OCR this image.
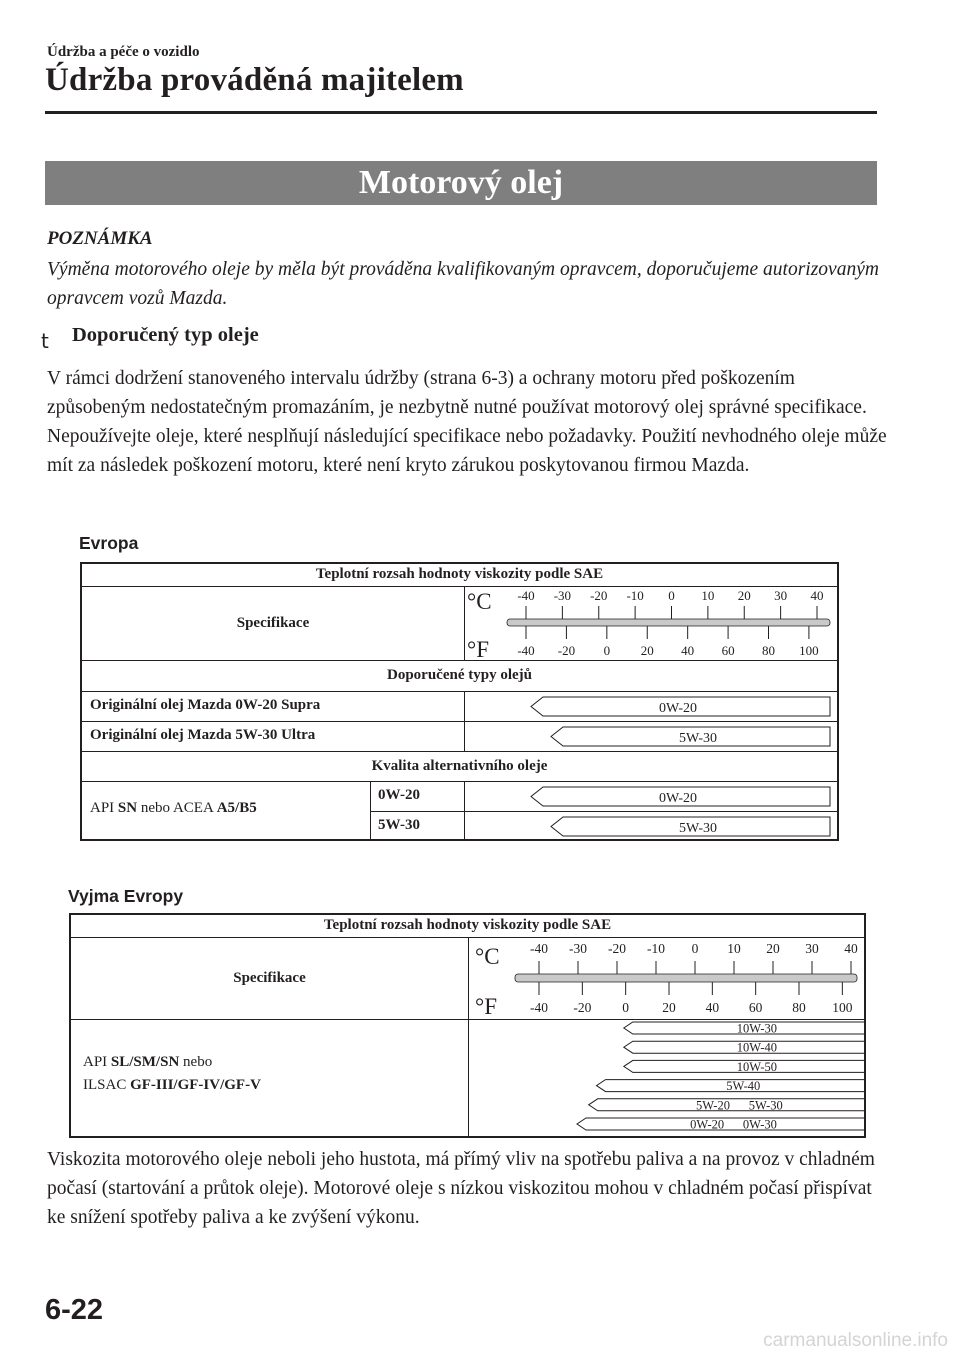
Údržba a péče o vozidlo
Údržba prováděná majitelem
Motorový olej
POZNÁMKA
Výměna motorového oleje by měla být prováděna kvalifikovaným opravcem, doporučujeme autorizovaným opravcem vozů Mazda.
t Doporučený typ oleje
V rámci dodržení stanoveného intervalu údržby (strana 6-3) a ochrany motoru před poškozením způsobeným nedostatečným promazáním, je nezbytně nutné používat motorový olej správné specifikace. Nepoužívejte oleje, které nesplňují následující specifikace nebo požadavky. Použití nevhodného oleje může mít za následek poškození motoru, které není kryto zárukou poskytovanou firmou Mazda.
Evropa
Teplotní rozsah hodnoty viskozity podle SAE
Specifikace
-40 -30 -20 -10 0 10 20 30 40
-40 -20 0 20 40 60 80 100
°C
°F
Doporučené typy olejů
Originální olej Mazda 0W-20 Supra
Originální olej Mazda 5W-30 Ultra
0W-20
5W-30
Kvalita alternativního oleje
API SN nebo ACEA A5/B5
0W-20
5W-30
0W-20
5W-30
Vyjma Evropy
Teplotní rozsah hodnoty viskozity podle SAE
Specifikace
-40 -30 -20 -10 0 10 20 30 40
-40 -20 0 20 40 60 80 100
°C
°F
API SL/SM/SN nebo
ILSAC GF-III/GF-IV/GF-V
10W-30
10W-40
10W-50
5W-40
5W-20      5W-30
0W-20      0W-30
Viskozita motorového oleje neboli jeho hustota, má přímý vliv na spotřebu paliva a na provoz v chladném počasí (startování a průtok oleje). Motorové oleje s nízkou viskozitou mohou v chladném počasí přispívat ke snížení spotřeby paliva a ke zvýšení výkonu.
6-22
carmanualsonline.info
